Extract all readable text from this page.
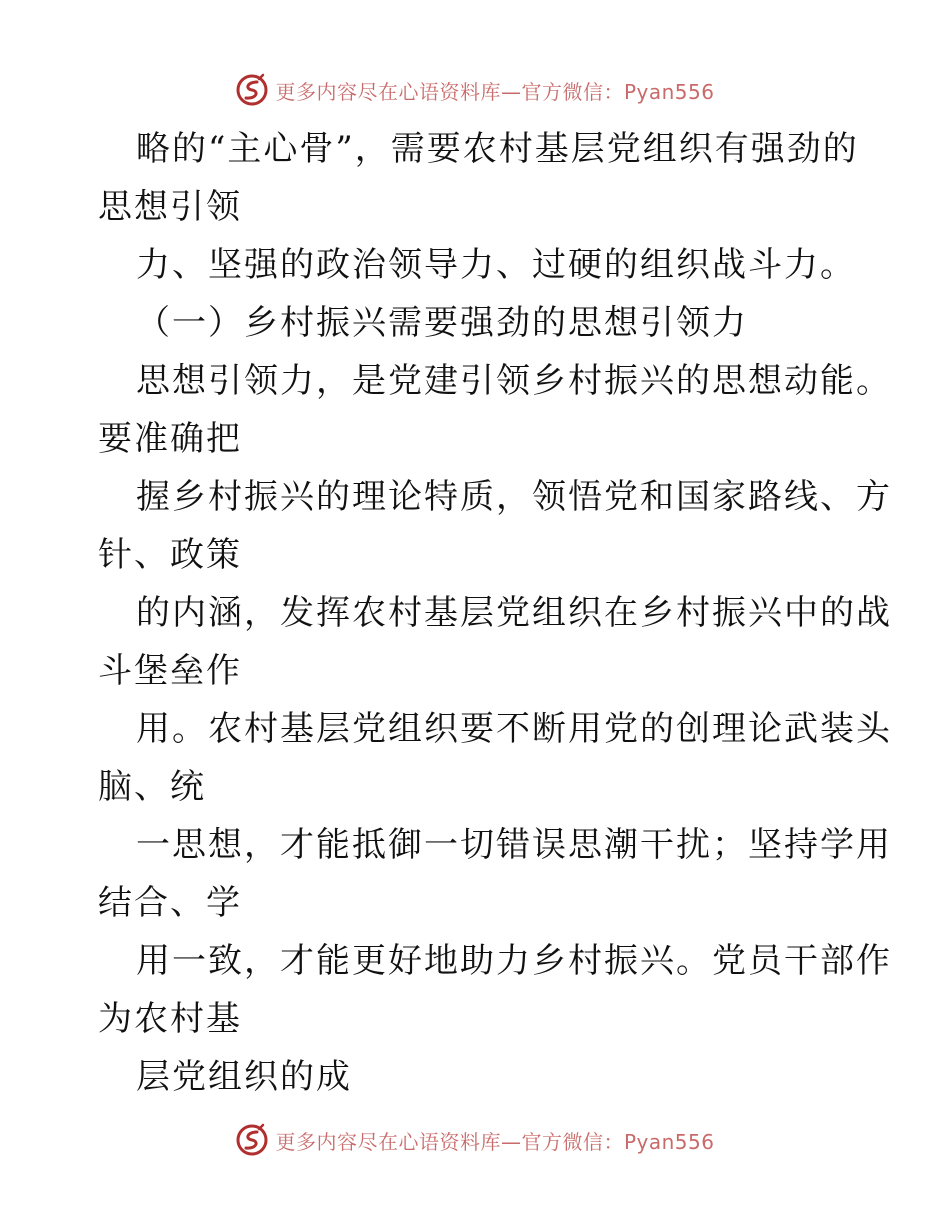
更多内容尽在心语资料库—官方微信：Pyan556
略的“主心骨”，需要农村基层党组织有强劲的
思想引领
力、坚强的政治领导力、过硬的组织战斗力。
（一）乡村振兴需要强劲的思想引领力
思想引领力，是党建引领乡村振兴的思想动能。
要准确把
握乡村振兴的理论特质，领悟党和国家路线、方
针、政策
的内涵，发挥农村基层党组织在乡村振兴中的战
斗堡垒作
用。农村基层党组织要不断用党的创理论武装头
脑、统
一思想，才能抵御一切错误思潮干扰；坚持学用
结合、学
用一致，才能更好地助力乡村振兴。党员干部作
为农村基
层党组织的成
更多内容尽在心语资料库—官方微信：Pyan556
